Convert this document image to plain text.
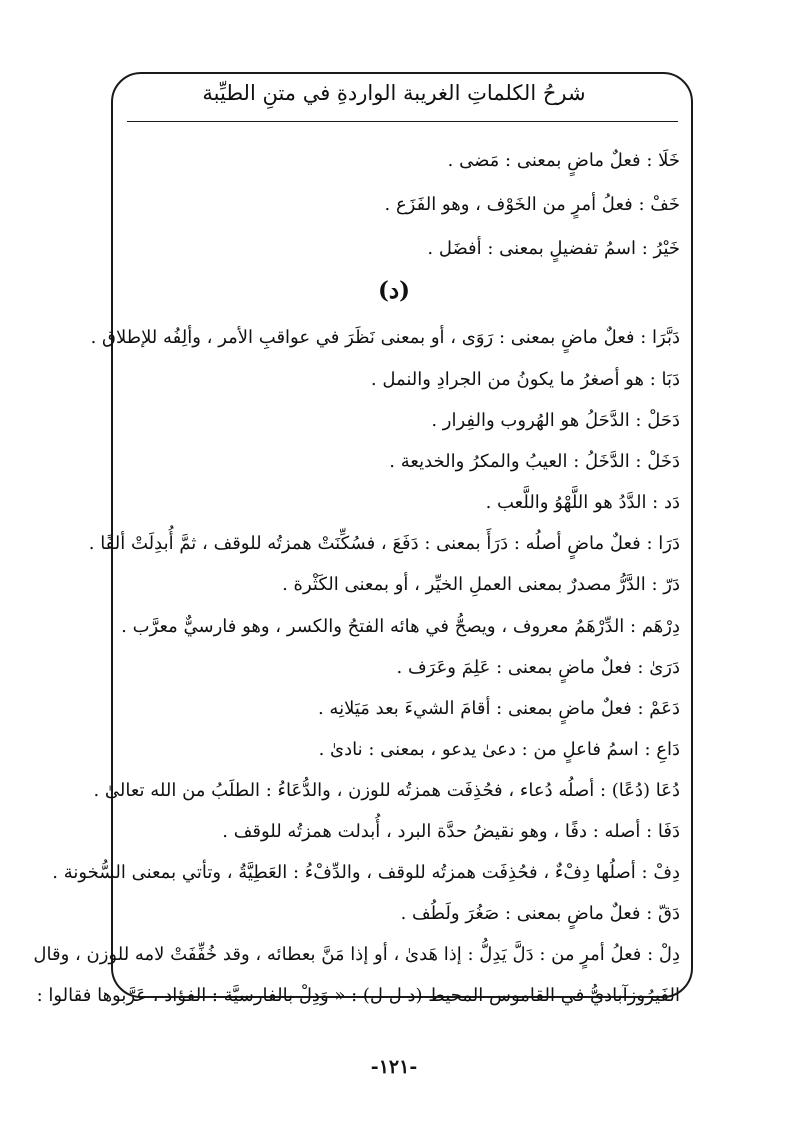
شرحُ الكلماتِ الغريبة الواردةِ في متنِ الطيِّبة

خَلَا : فعلٌ ماضٍ بمعنى : مَضى .

خَفْ : فعلُ أمرٍ من الخَوْف ، وهو الفَزَع .

خَيْرُ : اسمُ تفضيلٍ بمعنى : أفضَل .

(د)

دَبَّرَا : فعلٌ ماضٍ بمعنى : رَوَى ، أو بمعنى نَظَرَ في عواقبِ الأمر ، وألِفُه للإطلاق .

دَبَا : هو أصغرُ ما يكونُ من الجرادِ والنمل .

دَحَلْ : الدَّحَلُ هو الهُروب والفِرار .

دَخَلْ : الدَّخَلُ : العيبُ والمكرُ والخديعة .

دَد : الدَّدُ هو اللَّهْوُ واللَّعب .

دَرَا : فعلٌ ماضٍ أصلُه : دَرَأَ بمعنى : دَفَعَ ، فسُكِّنَتْ همزتُه للوقف ، ثمَّ أُبدِلَتْ ألفًا .

دَرّ : الدَّرُّ مصدرٌ بمعنى العملِ الخيِّر ، أو بمعنى الكَثْرة .

دِرْهَم : الدِّرْهَمُ معروف ، ويصحُّ في هائه الفتحُ والكسر ، وهو فارسيٌّ معرَّب .

دَرَىٰ : فعلٌ ماضٍ بمعنى : عَلِمَ وعَرَف .

دَعَمْ : فعلٌ ماضٍ بمعنى : أقامَ الشيءَ بعد مَيَلانِه .

دَاعِ : اسمُ فاعلٍ من : دعىٰ يدعو ، بمعنى : نادىٰ .

دُعَا (دُعًا) : أصلُه دُعاء ، فحُذِفَت همزتُه للوزن ، والدُّعَاءُ : الطلَبُ من الله تعالىٰ .

دَفَا : أصله : دفًا ، وهو نقيضُ حدَّة البرد ، أُبدلت همزتُه للوقف .

دِفْ : أصلُها دِفْءٌ ، فحُذِفَت همزتُه للوقف ، والدِّفْءُ : العَطِيَّةُ ، وتأتي بمعنى السُّخونة .

دَقّ : فعلٌ ماضٍ بمعنى : صَغُرَ ولَطُف .

دِلْ : فعلُ أمرٍ من : دَلَّ يَدِلُّ : إذا هَدىٰ ، أو إذا مَنَّ بعطائه ، وقد خُفِّفَتْ لامه للوزن ، وقال

الفَيرُوزآباديُّ في القاموس المحيط (د ل ل) : « وَدِلْ بالفارسيَّة : الفؤاد ، عَرَّبوها فقالوا :

-١٢١-
